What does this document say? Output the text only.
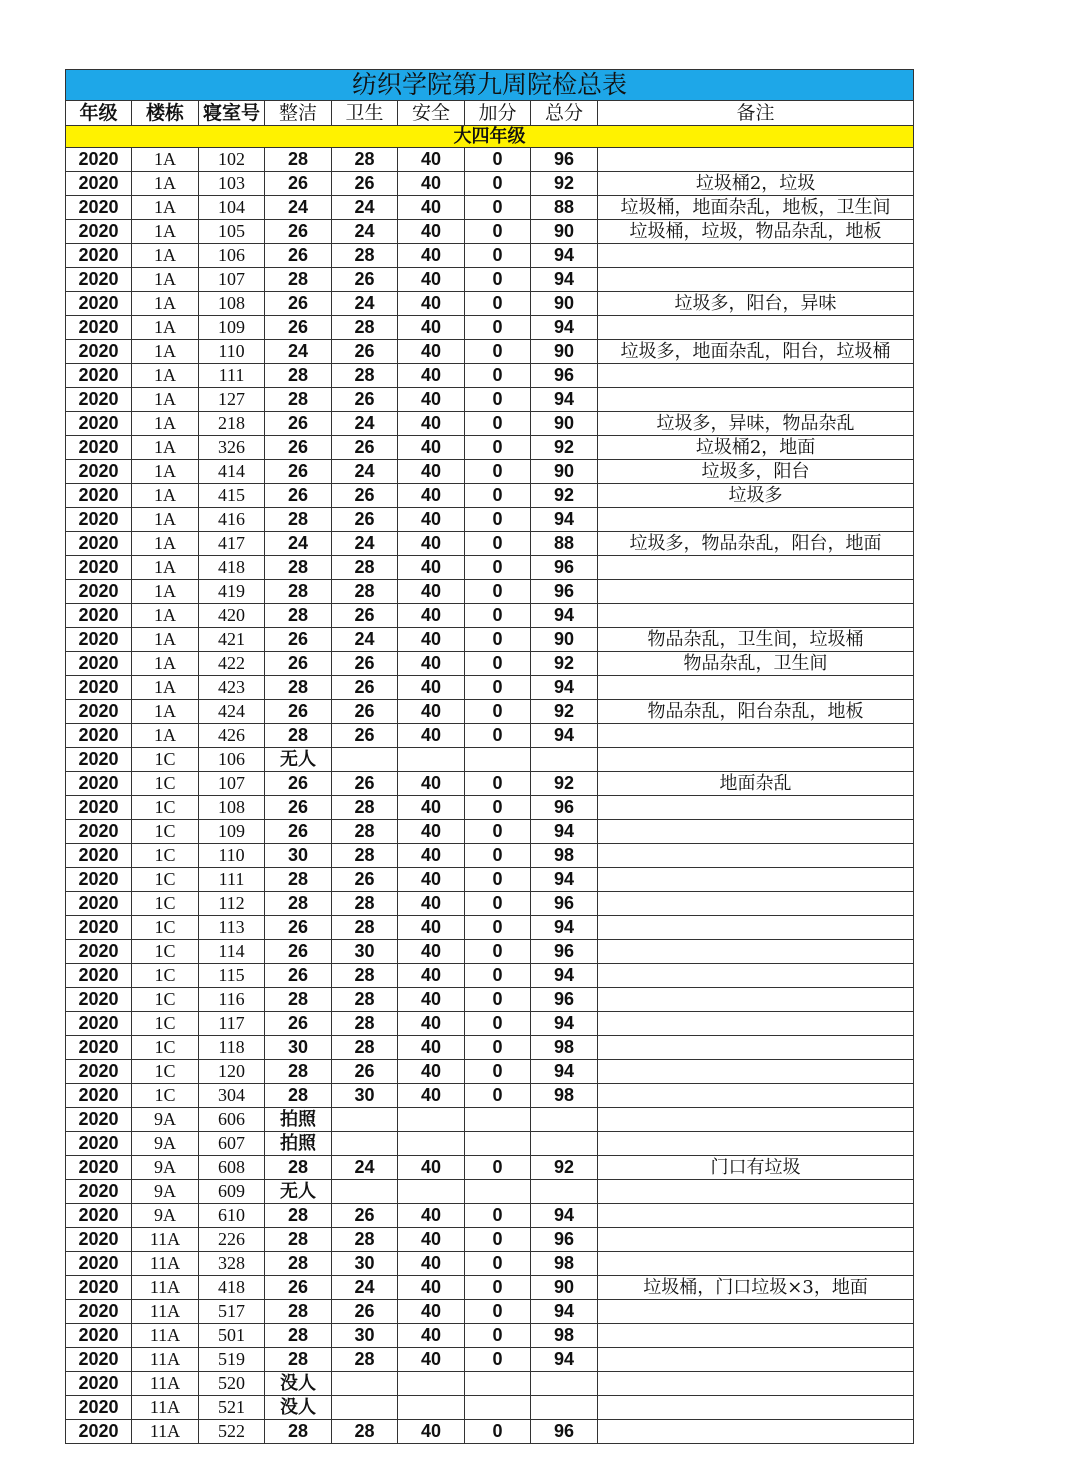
纺织学院第九周院检总表								
年级	楼栋	寝室号	整洁	卫生	安全	加分	总分	备注
大四年级								
2020	1A	102	28	28	40	0	96	
2020	1A	103	26	26	40	0	92	垃圾桶2，垃圾
2020	1A	104	24	24	40	0	88	垃圾桶，地面杂乱，地板，卫生间
2020	1A	105	26	24	40	0	90	垃圾桶，垃圾，物品杂乱，地板
2020	1A	106	26	28	40	0	94	
2020	1A	107	28	26	40	0	94	
2020	1A	108	26	24	40	0	90	垃圾多，阳台，异味
2020	1A	109	26	28	40	0	94	
2020	1A	110	24	26	40	0	90	垃圾多，地面杂乱，阳台，垃圾桶
2020	1A	111	28	28	40	0	96	
2020	1A	127	28	26	40	0	94	
2020	1A	218	26	24	40	0	90	垃圾多，异味，物品杂乱
2020	1A	326	26	26	40	0	92	垃圾桶2，地面
2020	1A	414	26	24	40	0	90	垃圾多，阳台
2020	1A	415	26	26	40	0	92	垃圾多
2020	1A	416	28	26	40	0	94	
2020	1A	417	24	24	40	0	88	垃圾多，物品杂乱，阳台，地面
2020	1A	418	28	28	40	0	96	
2020	1A	419	28	28	40	0	96	
2020	1A	420	28	26	40	0	94	
2020	1A	421	26	24	40	0	90	物品杂乱，卫生间，垃圾桶
2020	1A	422	26	26	40	0	92	物品杂乱，卫生间
2020	1A	423	28	26	40	0	94	
2020	1A	424	26	26	40	0	92	物品杂乱，阳台杂乱，地板
2020	1A	426	28	26	40	0	94	
2020	1C	106	无人					
2020	1C	107	26	26	40	0	92	地面杂乱
2020	1C	108	26	28	40	0	96	
2020	1C	109	26	28	40	0	94	
2020	1C	110	30	28	40	0	98	
2020	1C	111	28	26	40	0	94	
2020	1C	112	28	28	40	0	96	
2020	1C	113	26	28	40	0	94	
2020	1C	114	26	30	40	0	96	
2020	1C	115	26	28	40	0	94	
2020	1C	116	28	28	40	0	96	
2020	1C	117	26	28	40	0	94	
2020	1C	118	30	28	40	0	98	
2020	1C	120	28	26	40	0	94	
2020	1C	304	28	30	40	0	98	
2020	9A	606	拍照					
2020	9A	607	拍照					
2020	9A	608	28	24	40	0	92	门口有垃圾
2020	9A	609	无人					
2020	9A	610	28	26	40	0	94	
2020	11A	226	28	28	40	0	96	
2020	11A	328	28	30	40	0	98	
2020	11A	418	26	24	40	0	90	垃圾桶，门口垃圾×3，地面
2020	11A	517	28	26	40	0	94	
2020	11A	501	28	30	40	0	98	
2020	11A	519	28	28	40	0	94	
2020	11A	520	没人					
2020	11A	521	没人					
2020	11A	522	28	28	40	0	96	
